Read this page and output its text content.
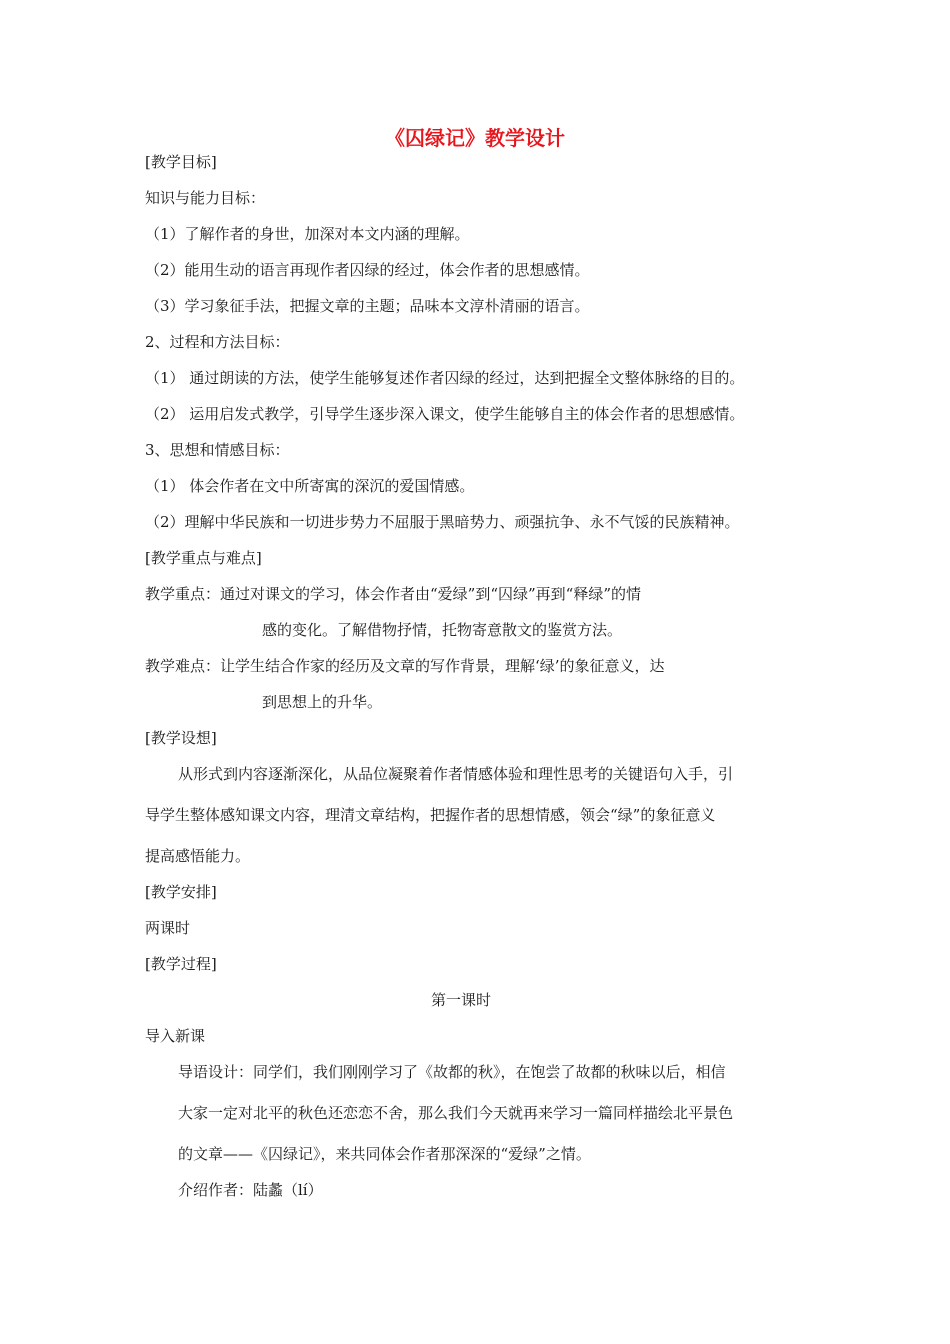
《囚绿记》教学设计
[教学目标]
知识与能力目标：
（1）了解作者的身世，加深对本文内涵的理解。
（2）能用生动的语言再现作者囚绿的经过，体会作者的思想感情。
（3）学习象征手法，把握文章的主题；品味本文淳朴清丽的语言。
2、过程和方法目标：
（1） 通过朗读的方法，使学生能够复述作者囚绿的经过，达到把握全文整体脉络的目的。
（2） 运用启发式教学，引导学生逐步深入课文，使学生能够自主的体会作者的思想感情。
3、思想和情感目标：
（1） 体会作者在文中所寄寓的深沉的爱国情感。
（2）理解中华民族和一切进步势力不屈服于黑暗势力、顽强抗争、永不气馁的民族精神。
[教学重点与难点]
教学重点：通过对课文的学习，体会作者由“爱绿”到“囚绿”再到“释绿”的情
感的变化。了解借物抒情，托物寄意散文的鉴赏方法。
教学难点：让学生结合作家的经历及文章的写作背景，理解‘绿’的象征意义，达
到思想上的升华。
[教学设想]
从形式到内容逐渐深化，从品位凝聚着作者情感体验和理性思考的关键语句入手，引
导学生整体感知课文内容，理清文章结构，把握作者的思想情感，领会“绿”的象征意义
提高感悟能力。
[教学安排]
两课时
[教学过程]
第一课时
导入新课
导语设计：同学们，我们刚刚学习了《故都的秋》，在饱尝了故都的秋味以后，相信
大家一定对北平的秋色还恋恋不舍，那么我们今天就再来学习一篇同样描绘北平景色
的文章——《囚绿记》，来共同体会作者那深深的“爱绿”之情。
介绍作者：陆蠡（lí）
